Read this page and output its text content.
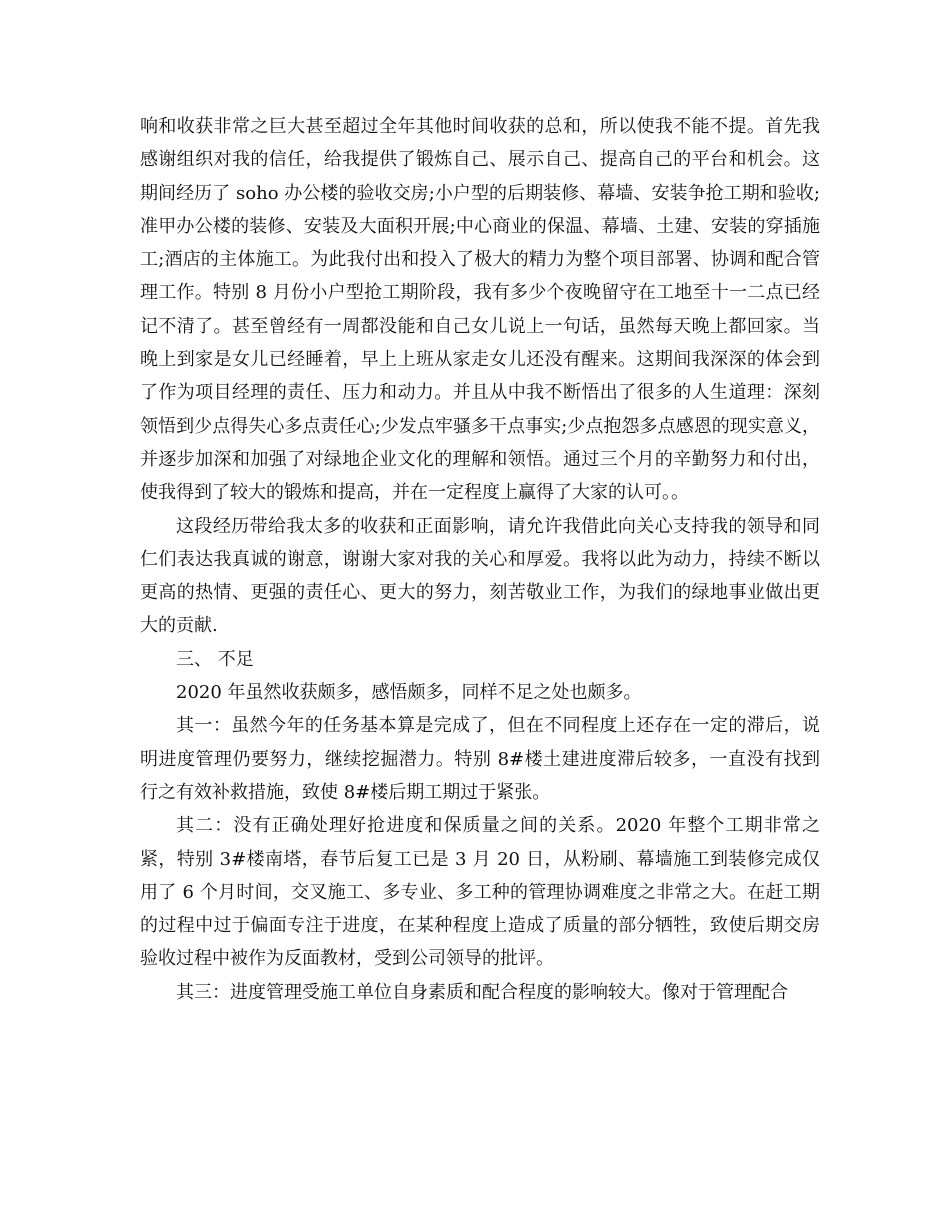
响和收获非常之巨大甚至超过全年其他时间收获的总和，所以使我不能不提。首先我感谢组织对我的信任，给我提供了锻炼自己、展示自己、提高自己的平台和机会。这期间经历了 soho 办公楼的验收交房;小户型的后期装修、幕墙、安装争抢工期和验收;准甲办公楼的装修、安装及大面积开展;中心商业的保温、幕墙、土建、安装的穿插施工;酒店的主体施工。为此我付出和投入了极大的精力为整个项目部署、协调和配合管理工作。特别 8 月份小户型抢工期阶段，我有多少个夜晚留守在工地至十一二点已经记不清了。甚至曾经有一周都没能和自己女儿说上一句话，虽然每天晚上都回家。当晚上到家是女儿已经睡着，早上上班从家走女儿还没有醒来。这期间我深深的体会到了作为项目经理的责任、压力和动力。并且从中我不断悟出了很多的人生道理：深刻领悟到少点得失心多点责任心;少发点牢骚多干点事实;少点抱怨多点感恩的现实意义，并逐步加深和加强了对绿地企业文化的理解和领悟。通过三个月的辛勤努力和付出，使我得到了较大的锻炼和提高，并在一定程度上赢得了大家的认可。。

这段经历带给我太多的收获和正面影响，请允许我借此向关心支持我的领导和同仁们表达我真诚的谢意，谢谢大家对我的关心和厚爱。我将以此为动力，持续不断以更高的热情、更强的责任心、更大的努力，刻苦敬业工作，为我们的绿地事业做出更大的贡献.

三、 不足

2020 年虽然收获颇多，感悟颇多，同样不足之处也颇多。

其一：虽然今年的任务基本算是完成了，但在不同程度上还存在一定的滞后，说明进度管理仍要努力，继续挖掘潜力。特别 8#楼土建进度滞后较多，一直没有找到行之有效补救措施，致使 8#楼后期工期过于紧张。

其二：没有正确处理好抢进度和保质量之间的关系。2020 年整个工期非常之紧，特别 3#楼南塔，春节后复工已是 3 月 20 日，从粉刷、幕墙施工到装修完成仅用了 6 个月时间，交叉施工、多专业、多工种的管理协调难度之非常之大。在赶工期的过程中过于偏面专注于进度，在某种程度上造成了质量的部分牺牲，致使后期交房验收过程中被作为反面教材，受到公司领导的批评。

其三：进度管理受施工单位自身素质和配合程度的影响较大。像对于管理配合
